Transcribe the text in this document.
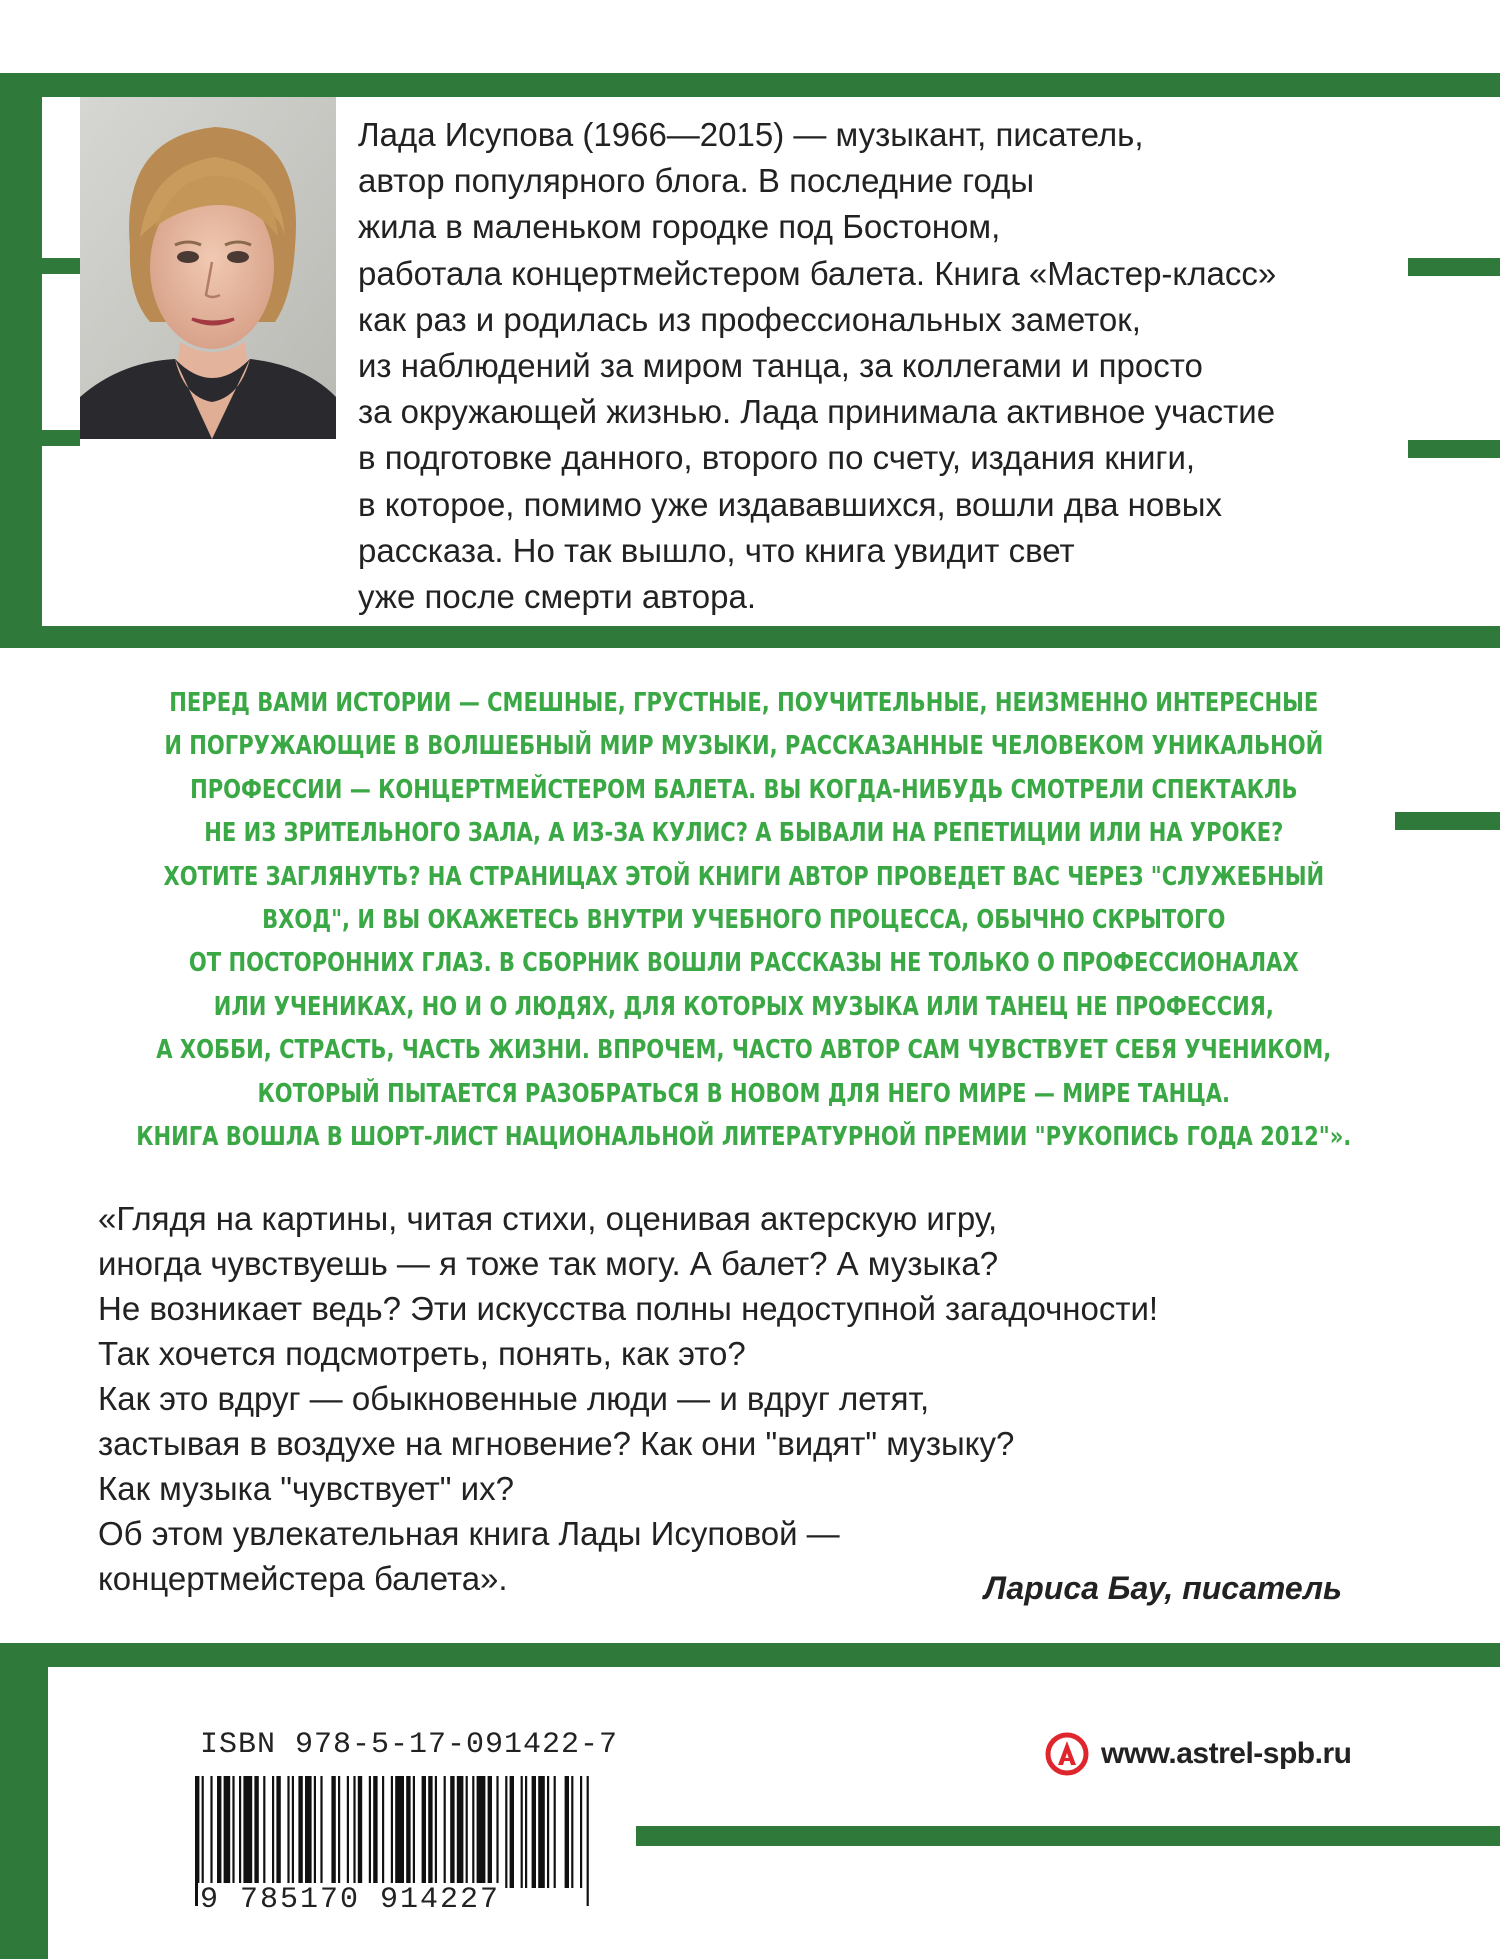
Лада Исупова (1966—2015) — музыкант, писатель,
автор популярного блога. В последние годы
жила в маленьком городке под Бостоном,
работала концертмейстером балета. Книга «Мастер-класс»
как раз и родилась из профессиональных заметок,
из наблюдений за миром танца, за коллегами и просто
за окружающей жизнью. Лада принимала активное участие
в подготовке данного, второго по счету, издания книги,
в которое, помимо уже издававшихся, вошли два новых
рассказа. Но так вышло, что книга увидит свет
уже после смерти автора.
ПЕРЕД ВАМИ ИСТОРИИ — СМЕШНЫЕ, ГРУСТНЫЕ, ПОУЧИТЕЛЬНЫЕ, НЕИЗМЕННО ИНТЕРЕСНЫЕ
И ПОГРУЖАЮЩИЕ В ВОЛШЕБНЫЙ МИР МУЗЫКИ, РАССКАЗАННЫЕ ЧЕЛОВЕКОМ УНИКАЛЬНОЙ
ПРОФЕССИИ — КОНЦЕРТМЕЙСТЕРОМ БАЛЕТА. ВЫ КОГДА-НИБУДЬ СМОТРЕЛИ СПЕКТАКЛЬ
НЕ ИЗ ЗРИТЕЛЬНОГО ЗАЛА, А ИЗ-ЗА КУЛИС? А БЫВАЛИ НА РЕПЕТИЦИИ ИЛИ НА УРОКЕ?
ХОТИТЕ ЗАГЛЯНУТЬ? НА СТРАНИЦАХ ЭТОЙ КНИГИ АВТОР ПРОВЕДЕТ ВАС ЧЕРЕЗ "СЛУЖЕБНЫЙ
ВХОД", И ВЫ ОКАЖЕТЕСЬ ВНУТРИ УЧЕБНОГО ПРОЦЕССА, ОБЫЧНО СКРЫТОГО
ОТ ПОСТОРОННИХ ГЛАЗ. В СБОРНИК ВОШЛИ РАССКАЗЫ НЕ ТОЛЬКО О ПРОФЕССИОНАЛАХ
ИЛИ УЧЕНИКАХ, НО И О ЛЮДЯХ, ДЛЯ КОТОРЫХ МУЗЫКА ИЛИ ТАНЕЦ НЕ ПРОФЕССИЯ,
А ХОББИ, СТРАСТЬ, ЧАСТЬ ЖИЗНИ. ВПРОЧЕМ, ЧАСТО АВТОР САМ ЧУВСТВУЕТ СЕБЯ УЧЕНИКОМ,
КОТОРЫЙ ПЫТАЕТСЯ РАЗОБРАТЬСЯ В НОВОМ ДЛЯ НЕГО МИРЕ — МИРЕ ТАНЦА.
КНИГА ВОШЛА В ШОРТ-ЛИСТ НАЦИОНАЛЬНОЙ ЛИТЕРАТУРНОЙ ПРЕМИИ "РУКОПИСЬ ГОДА 2012"».
«Глядя на картины, читая стихи, оценивая актерскую игру,
иногда чувствуешь — я тоже так могу. А балет? А музыка?
Не возникает ведь? Эти искусства полны недоступной загадочности!
Так хочется подсмотреть, понять, как это?
Как это вдруг — обыкновенные люди — и вдруг летят,
застывая в воздухе на мгновение? Как они "видят" музыку?
Как музыка "чувствует" их?
Об этом увлекательная книга Лады Исуповой —
концертмейстера балета».	Лариса Бау, писатель
ISBN 978-5-17-091422-7
9 785170 914227
www.astrel-spb.ru
